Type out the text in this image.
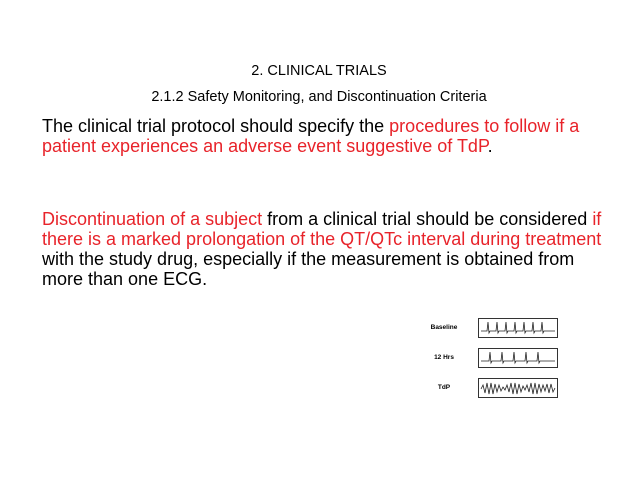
2. CLINICAL TRIALS
2.1.2 Safety Monitoring, and Discontinuation Criteria

The clinical trial protocol should specify the procedures to follow if a patient experiences an adverse event suggestive of TdP.

Discontinuation of a subject from a clinical trial should be considered if there is a marked prolongation of the QT/QTc interval during treatment with the study drug, especially if the measurement is obtained from more than one ECG.

Baseline
12 Hrs
TdP
